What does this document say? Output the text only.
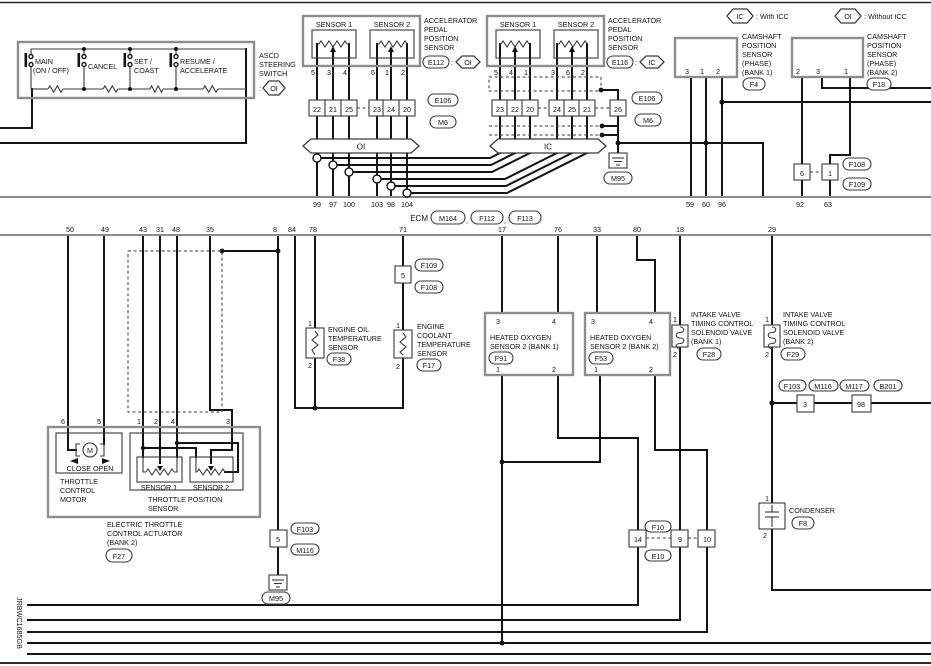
MAIN
(ON / OFF)	CANCEL
SET /
COAST
RESUME /
ACCELERATE
ASCD
STEERING
SWITCH
: OI
SENSOR 1	SENSOR 2
5 3 4	6 1 2
ACCELERATOR
PEDAL
POSITION
SENSOR
E112 : OI
22 21 25	23 24 20
E106
M6
SENSOR 1	SENSOR 2
5 4 1	3 6 2
ACCELERATOR
PEDAL
POSITION
SENSOR
E116 : IC
23 22 20	24 25 21	26
E106
M6
OI	IC
IC : With ICC	OI : Without ICC
3 1 2
CAMSHAFT
POSITION
SENSOR
(PHASE)
(BANK 1)
F4
2 3	1
CAMSHAFT
POSITION
SENSOR
(PHASE)
(BANK 2)
F18
6	1
F108
F109
M95
99 97 100 103 98 104	59 60 96	92	63
ECM M164 , F112 , F113
50	49	43 31 48	35	8 84 78	71	17	76	33	80	18	29
5
F109
F108
1
2
ENGINE OIL
TEMPERATURE
SENSOR
F38
1
2
ENGINE
COOLANT
TEMPERATURE
SENSOR
F17
3	4
1	2
HEATED OXYGEN
SENSOR 2 (BANK 1)
F91
3	4
1	2
HEATED OXYGEN
SENSOR 2 (BANK 2)
F53
1
2
INTAKE VALVE
TIMING CONTROL
SOLENOID VALVE
(BANK 1)
F28
1
2
INTAKE VALVE
TIMING CONTROL
SOLENOID VALVE
(BANK 2)
F29
F103 M116 M117 B201
3	98
M
CLOSE OPEN
6	5	1 2 4	3
SENSOR 1 SENSOR 2
THROTTLE
CONTROL
MOTOR	THROTTLE POSITION
SENSOR
ELECTRIC THROTTLE
CONTROL ACTUATOR
(BANK 2)
F27
5
F103
M116
M95
14	9	10
F10
E10
1
2
CONDENSER
F8
JRBWC1685GB
